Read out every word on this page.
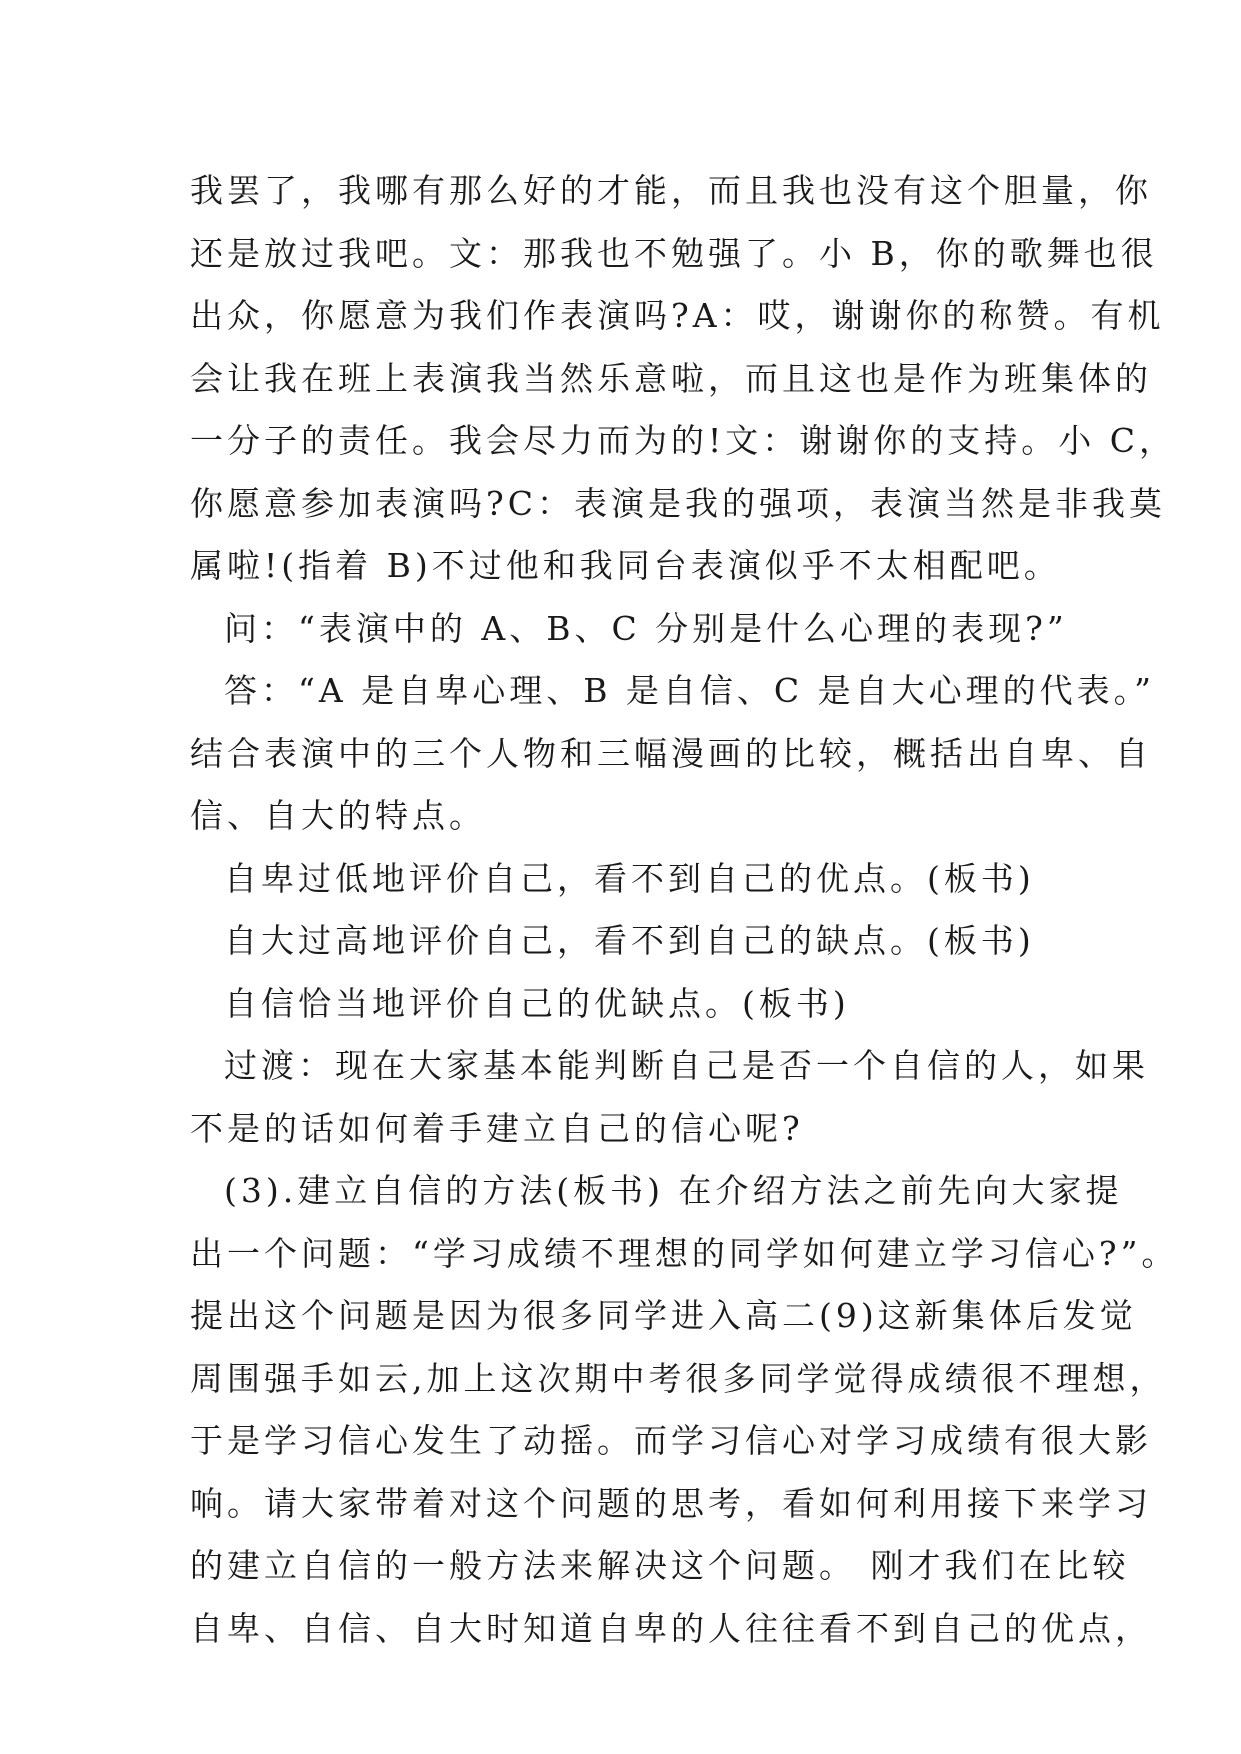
我罢了，我哪有那么好的才能，而且我也没有这个胆量，你
还是放过我吧。文：那我也不勉强了。小 B，你的歌舞也很
出众，你愿意为我们作表演吗?A：哎，谢谢你的称赞。有机
会让我在班上表演我当然乐意啦，而且这也是作为班集体的
一分子的责任。我会尽力而为的!文：谢谢你的支持。小 C，
你愿意参加表演吗?C：表演是我的强项，表演当然是非我莫
属啦!(指着 B)不过他和我同台表演似乎不太相配吧。
问：“表演中的 A、B、C 分别是什么心理的表现?”
答：“A 是自卑心理、B 是自信、C 是自大心理的代表。”
结合表演中的三个人物和三幅漫画的比较，概括出自卑、自
信、自大的特点。
自卑过低地评价自己，看不到自己的优点。(板书)
自大过高地评价自己，看不到自己的缺点。(板书)
自信恰当地评价自己的优缺点。(板书)
过渡：现在大家基本能判断自己是否一个自信的人，如果
不是的话如何着手建立自己的信心呢?
(3).建立自信的方法(板书) 在介绍方法之前先向大家提
出一个问题：“学习成绩不理想的同学如何建立学习信心?”。
提出这个问题是因为很多同学进入高二(9)这新集体后发觉
周围强手如云,加上这次期中考很多同学觉得成绩很不理想，
于是学习信心发生了动摇。而学习信心对学习成绩有很大影
响。请大家带着对这个问题的思考，看如何利用接下来学习
的建立自信的一般方法来解决这个问题。 刚才我们在比较
自卑、自信、自大时知道自卑的人往往看不到自己的优点，
